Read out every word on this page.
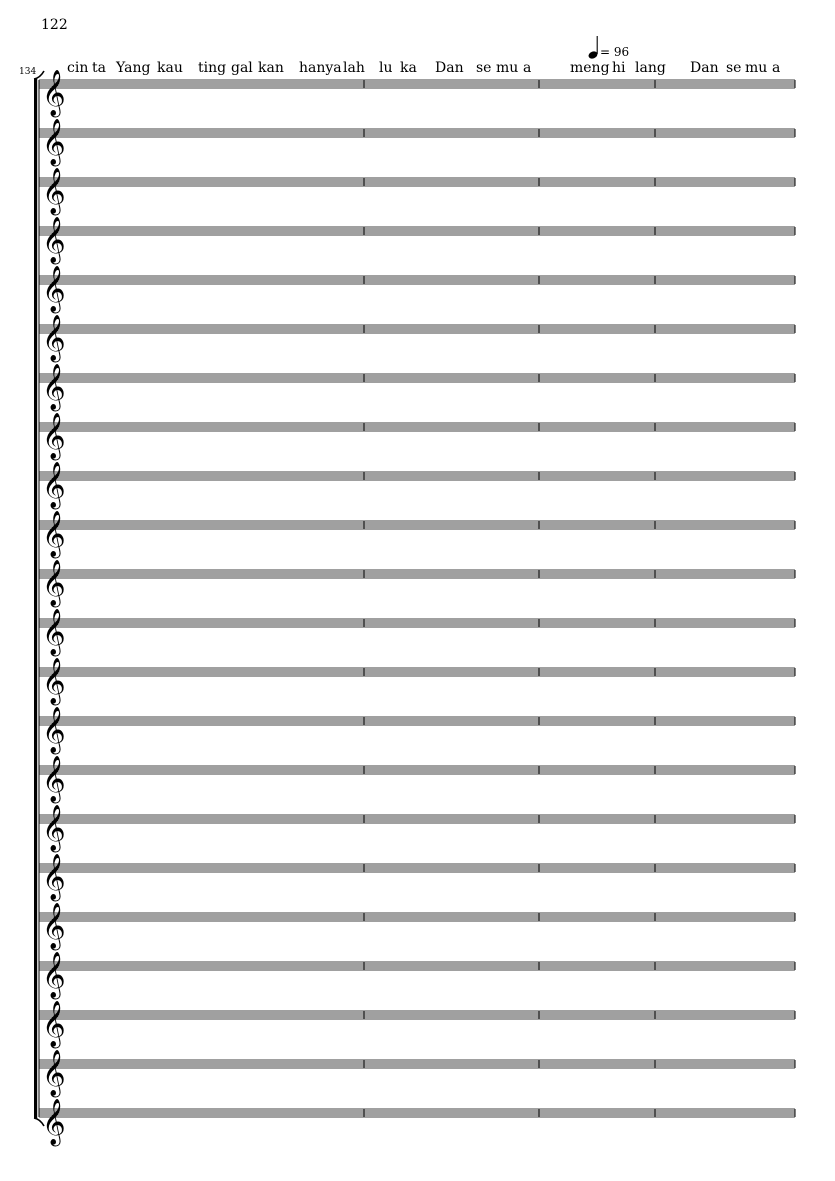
122
134
= 96
cin ta Yang kau ting gal kan hanya lah lu ka Dan se mu a	meng hi lang Dan se mu a
𝄞
𝄞
𝄞
𝄞
𝄞
𝄞
𝄞
𝄞
𝄞
𝄞
𝄞
𝄞
𝄞
𝄞
𝄞
𝄞
𝄞
𝄞
𝄞
𝄞
𝄞
𝄞
